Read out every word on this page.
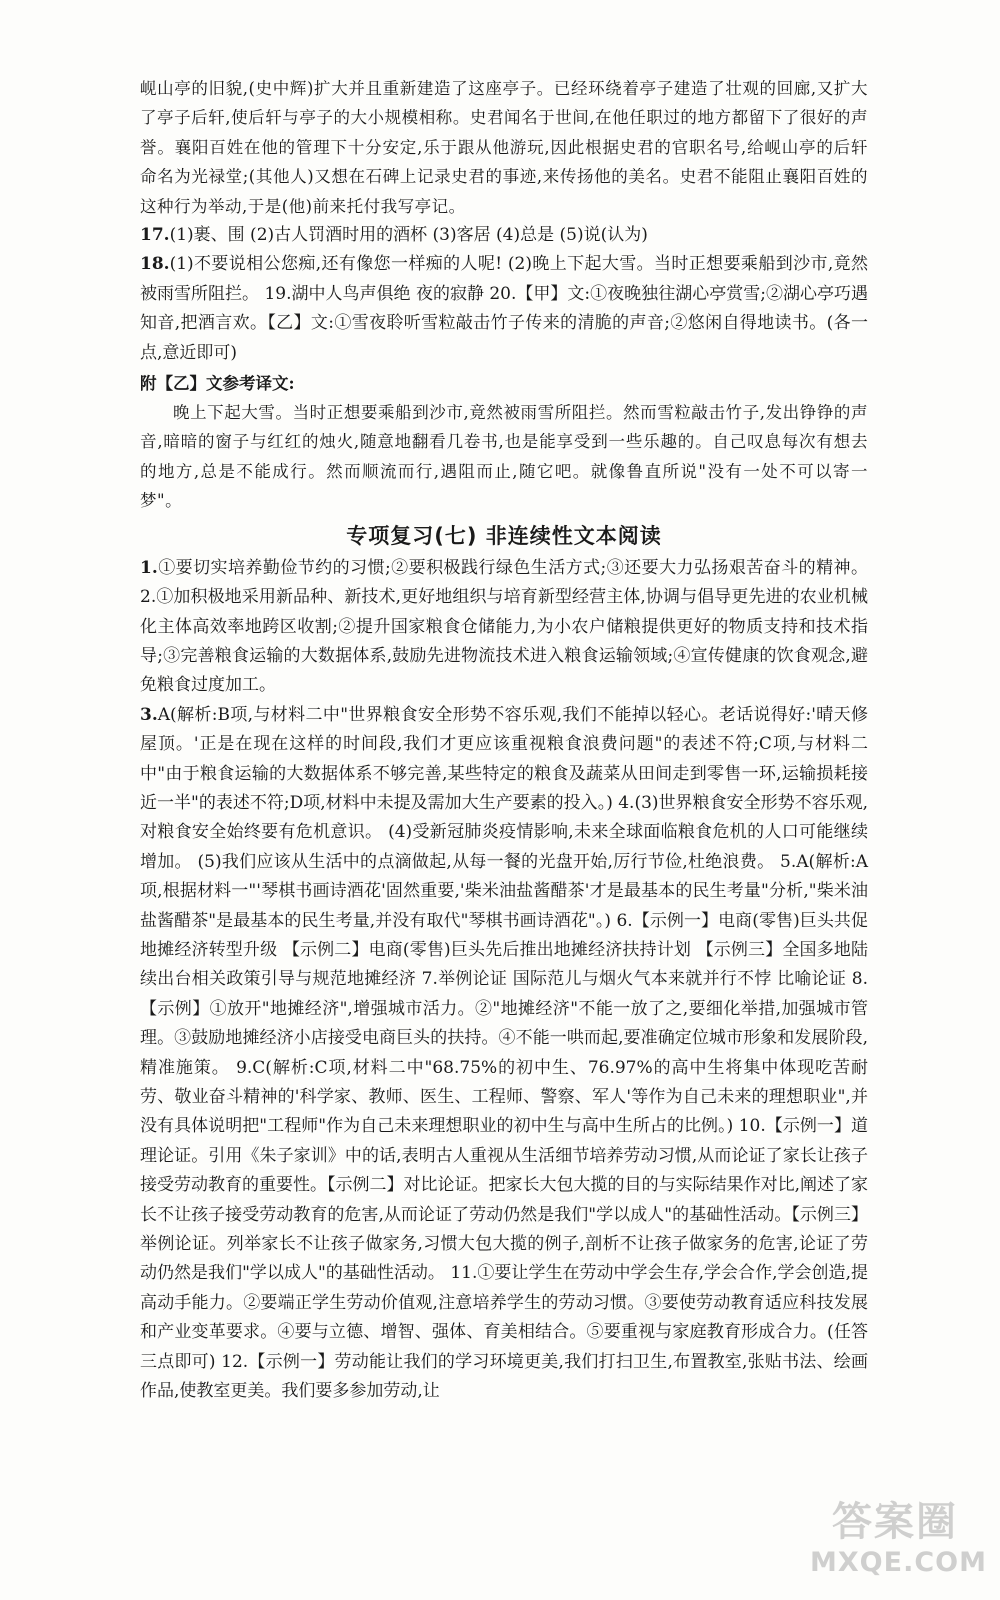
岘山亭的旧貌,(史中辉)扩大并且重新建造了这座亭子。已经环绕着亭子建造了壮观的回廊,又扩大了亭子后轩,使后轩与亭子的大小规模相称。史君闻名于世间,在他任职过的地方都留下了很好的声誉。襄阳百姓在他的管理下十分安定,乐于跟从他游玩,因此根据史君的官职名号,给岘山亭的后轩命名为光禄堂;(其他人)又想在石碑上记录史君的事迹,来传扬他的美名。史君不能阻止襄阳百姓的这种行为举动,于是(他)前来托付我写亭记。

17.(1)裹、围 (2)古人罚酒时用的酒杯 (3)客居 (4)总是 (5)说(认为)

18.(1)不要说相公您痴,还有像您一样痴的人呢! (2)晚上下起大雪。当时正想要乘船到沙市,竟然被雨雪所阻拦。 19.湖中人鸟声俱绝 夜的寂静 20.【甲】文:①夜晚独往湖心亭赏雪;②湖心亭巧遇知音,把酒言欢。【乙】文:①雪夜聆听雪粒敲击竹子传来的清脆的声音;②悠闲自得地读书。(各一点,意近即可)

附【乙】文参考译文:

晚上下起大雪。当时正想要乘船到沙市,竟然被雨雪所阻拦。然而雪粒敲击竹子,发出铮铮的声音,暗暗的窗子与红红的烛火,随意地翻看几卷书,也是能享受到一些乐趣的。自己叹息每次有想去的地方,总是不能成行。然而顺流而行,遇阻而止,随它吧。就像鲁直所说"没有一处不可以寄一梦"。

专项复习(七) 非连续性文本阅读

1.①要切实培养勤俭节约的习惯;②要积极践行绿色生活方式;③还要大力弘扬艰苦奋斗的精神。 2.①加积极地采用新品种、新技术,更好地组织与培育新型经营主体,协调与倡导更先进的农业机械化主体高效率地跨区收割;②提升国家粮食仓储能力,为小农户储粮提供更好的物质支持和技术指导;③完善粮食运输的大数据体系,鼓励先进物流技术进入粮食运输领域;④宣传健康的饮食观念,避免粮食过度加工。

3.A(解析:B项,与材料二中"世界粮食安全形势不容乐观,我们不能掉以轻心。老话说得好:'晴天修屋顶。'正是在现在这样的时间段,我们才更应该重视粮食浪费问题"的表述不符;C项,与材料二中"由于粮食运输的大数据体系不够完善,某些特定的粮食及蔬菜从田间走到零售一环,运输损耗接近一半"的表述不符;D项,材料中未提及需加大生产要素的投入。) 4.(3)世界粮食安全形势不容乐观,对粮食安全始终要有危机意识。 (4)受新冠肺炎疫情影响,未来全球面临粮食危机的人口可能继续增加。 (5)我们应该从生活中的点滴做起,从每一餐的光盘开始,厉行节俭,杜绝浪费。 5.A(解析:A项,根据材料一"'琴棋书画诗酒花'固然重要,'柴米油盐酱醋茶'才是最基本的民生考量"分析,"柴米油盐酱醋茶"是最基本的民生考量,并没有取代"琴棋书画诗酒花"。) 6.【示例一】电商(零售)巨头共促地摊经济转型升级 【示例二】电商(零售)巨头先后推出地摊经济扶持计划 【示例三】全国多地陆续出台相关政策引导与规范地摊经济 7.举例论证 国际范儿与烟火气本来就并行不悖 比喻论证 8.【示例】①放开"地摊经济",增强城市活力。②"地摊经济"不能一放了之,要细化举措,加强城市管理。③鼓励地摊经济小店接受电商巨头的扶持。④不能一哄而起,要准确定位城市形象和发展阶段,精准施策。 9.C(解析:C项,材料二中"68.75%的初中生、76.97%的高中生将集中体现吃苦耐劳、敬业奋斗精神的'科学家、教师、医生、工程师、警察、军人'等作为自己未来的理想职业",并没有具体说明把"工程师"作为自己未来理想职业的初中生与高中生所占的比例。) 10.【示例一】道理论证。引用《朱子家训》中的话,表明古人重视从生活细节培养劳动习惯,从而论证了家长让孩子接受劳动教育的重要性。【示例二】对比论证。把家长大包大揽的目的与实际结果作对比,阐述了家长不让孩子接受劳动教育的危害,从而论证了劳动仍然是我们"学以成人"的基础性活动。【示例三】举例论证。列举家长不让孩子做家务,习惯大包大揽的例子,剖析不让孩子做家务的危害,论证了劳动仍然是我们"学以成人"的基础性活动。 11.①要让学生在劳动中学会生存,学会合作,学会创造,提高动手能力。②要端正学生劳动价值观,注意培养学生的劳动习惯。③要使劳动教育适应科技发展和产业变革要求。④要与立德、增智、强体、育美相结合。⑤要重视与家庭教育形成合力。(任答三点即可) 12.【示例一】劳动能让我们的学习环境更美,我们打扫卫生,布置教室,张贴书法、绘画作品,使教室更美。我们要多参加劳动,让

答案圈
MXQE.COM
